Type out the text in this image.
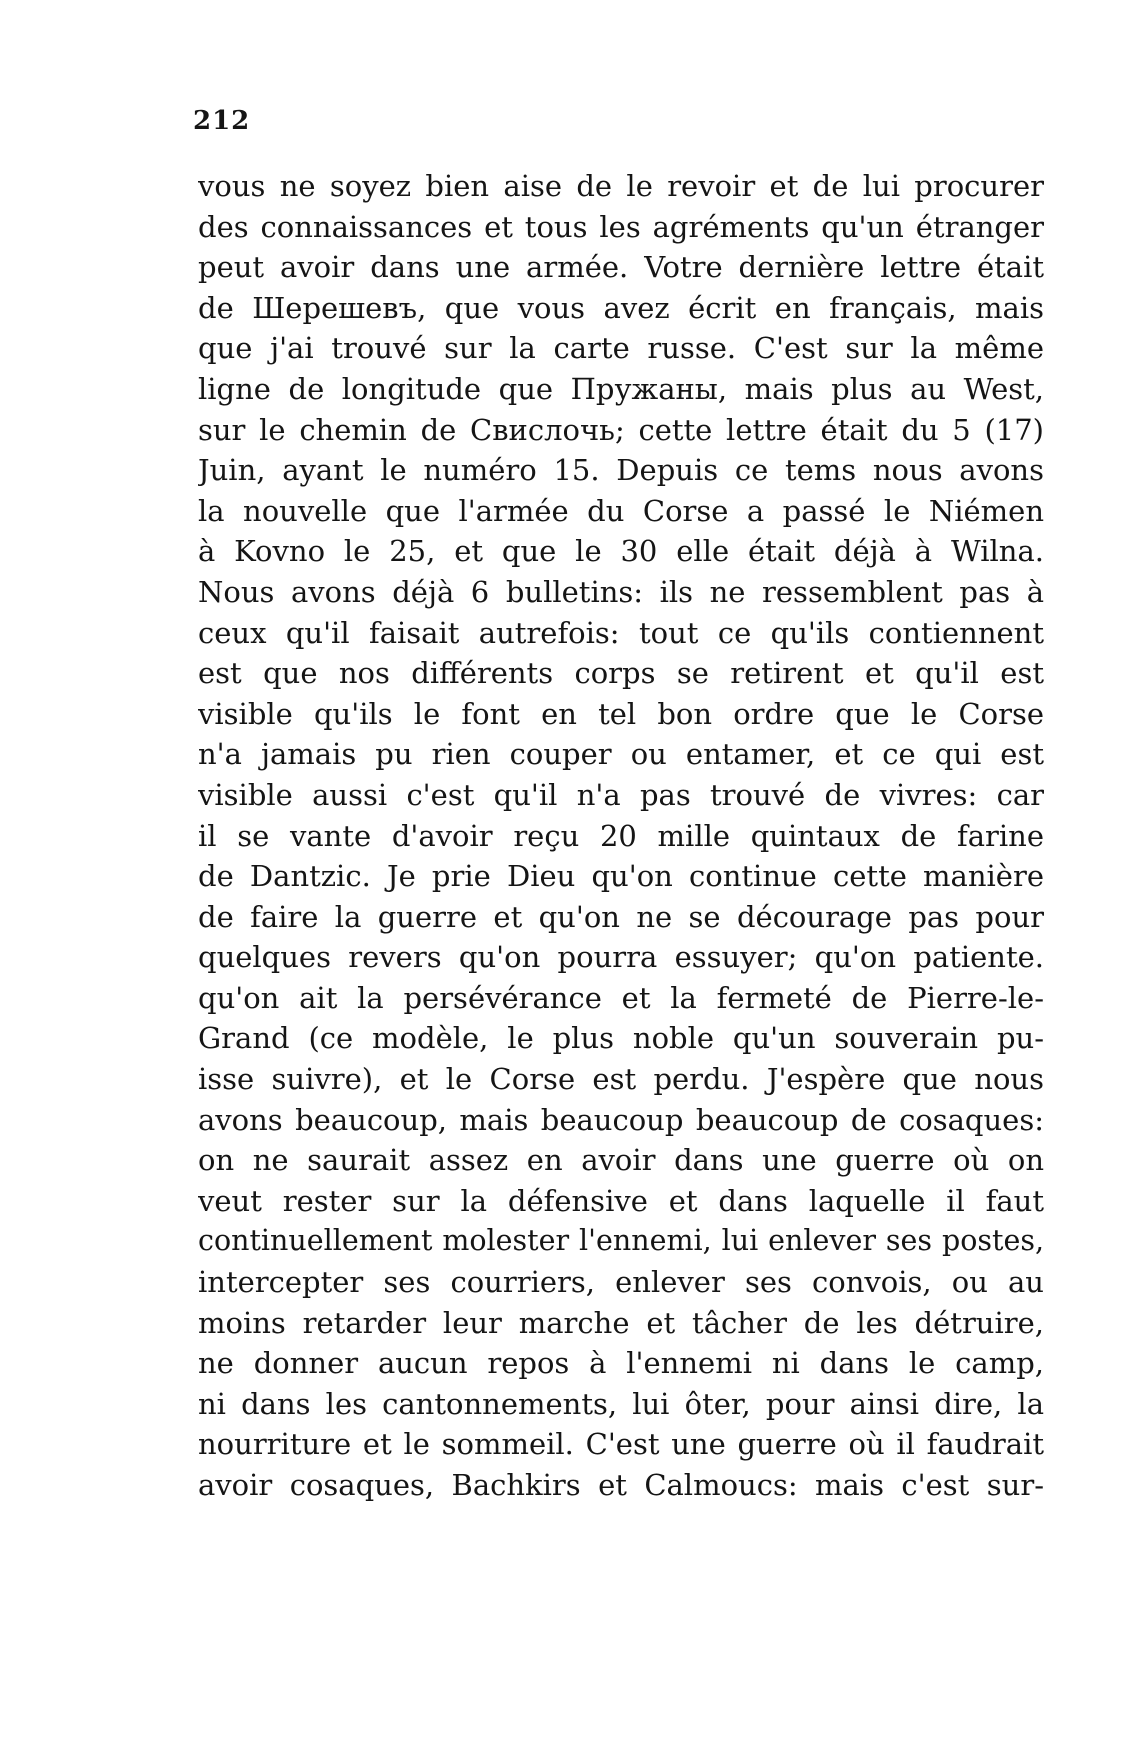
212

vous ne soyez bien aise de le revoir et de lui procurer
des connaissances et tous les agréments qu'un étranger
peut avoir dans une armée. Votre dernière lettre était
de Шерешевъ, que vous avez écrit en français, mais
que j'ai trouvé sur la carte russe. C'est sur la même
ligne de longitude que Пружаны, mais plus au West,
sur le chemin de Свислочь; cette lettre était du 5 (17)
Juin, ayant le numéro 15. Depuis ce tems nous avons
la nouvelle que l'armée du Corse a passé le Niémen
à Kovno le 25, et que le 30 elle était déjà à Wilna.
Nous avons déjà 6 bulletins: ils ne ressemblent pas à
ceux qu'il faisait autrefois: tout ce qu'ils contiennent
est que nos différents corps se retirent et qu'il est
visible qu'ils le font en tel bon ordre que le Corse
n'a jamais pu rien couper ou entamer, et ce qui est
visible aussi c'est qu'il n'a pas trouvé de vivres: car
il se vante d'avoir reçu 20 mille quintaux de farine
de Dantzic. Je prie Dieu qu'on continue cette manière
de faire la guerre et qu'on ne se décourage pas pour
quelques revers qu'on pourra essuyer; qu'on patiente.
qu'on ait la persévérance et la fermeté de Pierre-le-
Grand (ce modèle, le plus noble qu'un souverain pu-
isse suivre), et le Corse est perdu. J'espère que nous
avons beaucoup, mais beaucoup beaucoup de cosaques:
on ne saurait assez en avoir dans une guerre où on
veut rester sur la défensive et dans laquelle il faut
continuellement molester l'ennemi, lui enlever ses postes,
intercepter ses courriers, enlever ses convois, ou au
moins retarder leur marche et tâcher de les détruire,
ne donner aucun repos à l'ennemi ni dans le camp,
ni dans les cantonnements, lui ôter, pour ainsi dire, la
nourriture et le sommeil. C'est une guerre où il faudrait
avoir cosaques, Bachkirs et Calmoucs: mais c'est sur-
